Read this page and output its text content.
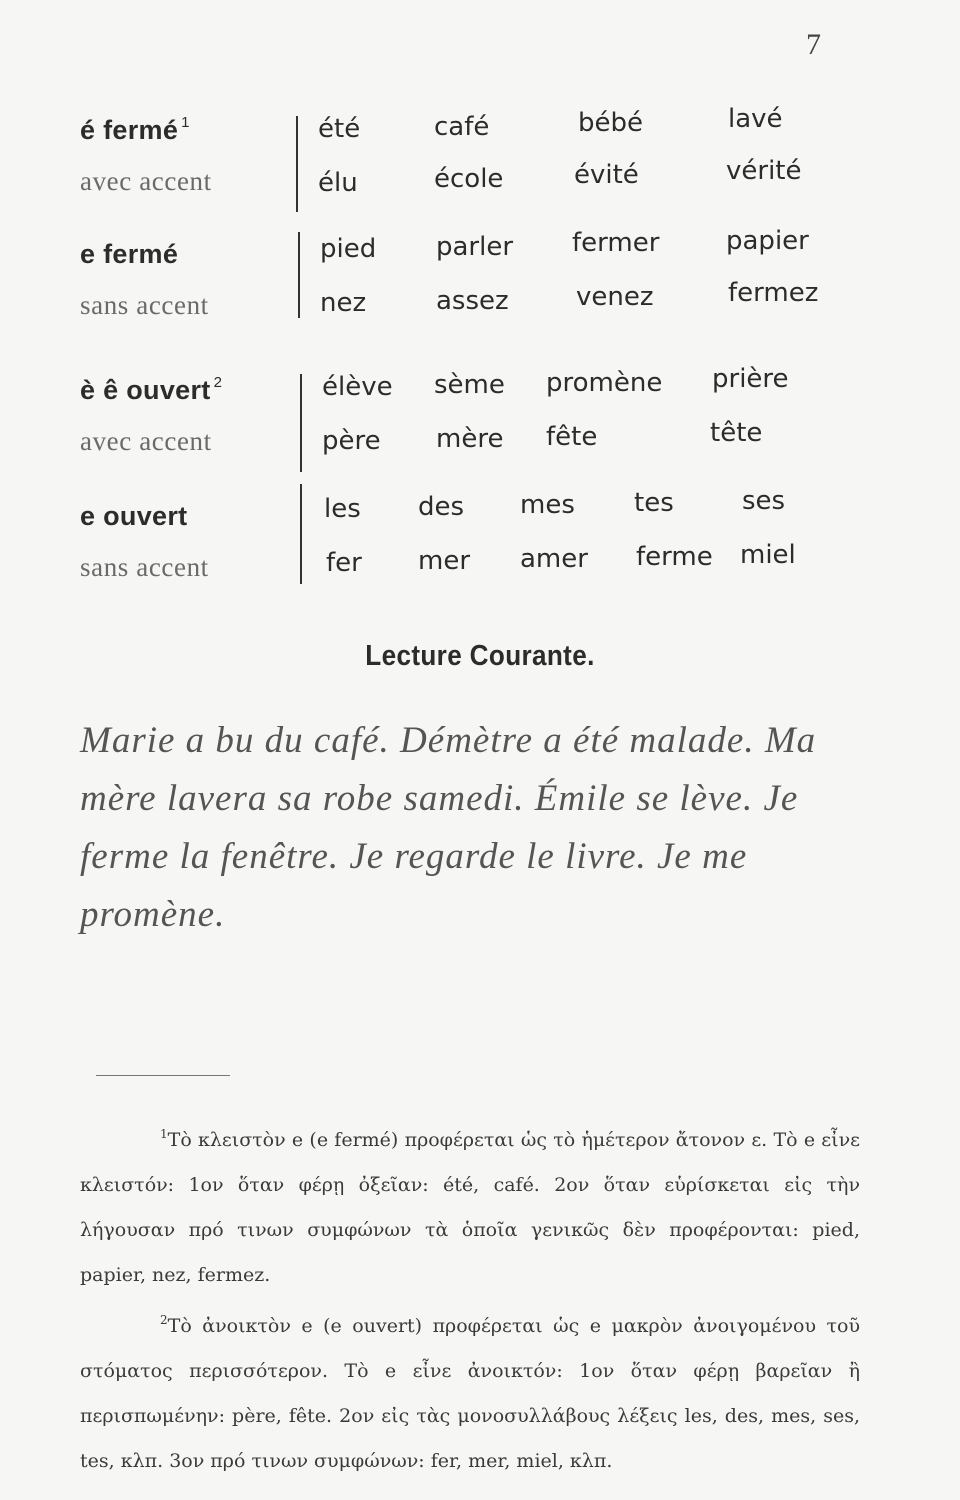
7
é fermé $^1$
avec accent
été	café	bébé	lavé
élu	école	évité	vérité
e fermé
sans accent
pied parler fermer	papier
nez	assez	venez	fermez
è ê ouvert $^2$
avec accent
élève sème promène prière
père mère fête	tête
e ouvert
sans accent
les des mes tes	ses
fer mer amer ferme miel
Lecture Courante.
Marie a bu du café. Démètre a été malade. Ma mère lavera sa robe samedi. Émile se lève. Je ferme la fenêtre. Je regarde le livre. Je me promène.

$^1$Τὸ κλειστὸν e (e fermé) προφέρεται ὡς τὸ ἡμέτερον ἄτονον ε. Τὸ e εἶνε κλειστόν: 1ον ὅταν φέρῃ ὀξεῖαν: été, café. 2ον ὅταν εὑρίσκεται εἰς τὴν λήγουσαν πρό τινων συμφώνων τὰ ὁποῖα γενικῶς δὲν προφέρονται: pied, papier, nez, fermez.

$^2$Τὸ ἀνοικτὸν e (e ouvert) προφέρεται ὡς e μακρὸν ἀνοιγομένου τοῦ στόματος περισσότερον. Τὸ e εἶνε ἀνοικτόν: 1ον ὅταν φέρῃ βαρεῖαν ἢ περισπωμένην: père, fête. 2ον εἰς τὰς μονοσυλλάβους λέξεις les, des, mes, ses, tes, κλπ. 3ον πρό τινων συμφώνων: fer, mer, miel, κλπ.
